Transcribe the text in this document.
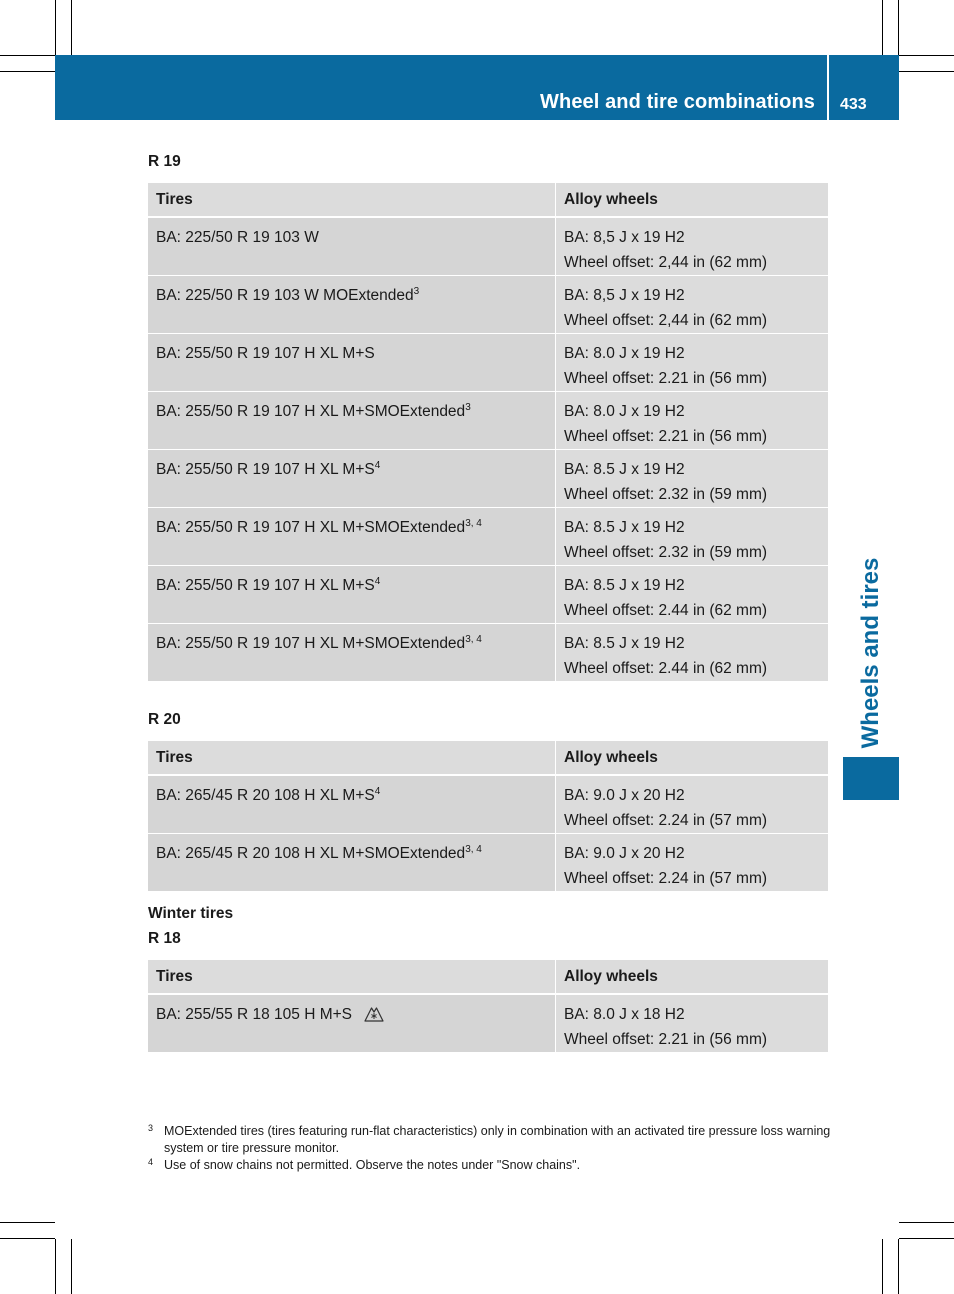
Wheel and tire combinations 433
Wheels and tires
R 19
Tires	Alloy wheels
BA: 225/50 R 19 103 W	BA: 8,5 J x 19 H2
Wheel offset: 2,44 in (62 mm)

BA: 225/50 R 19 103 W MOExtended$^3$	BA: 8,5 J x 19 H2
Wheel offset: 2,44 in (62 mm)

BA: 255/50 R 19 107 H XL M+S	BA: 8.0 J x 19 H2
Wheel offset: 2.21 in (56 mm)

BA: 255/50 R 19 107 H XL M+SMOExtended$^3$	BA: 8.0 J x 19 H2
Wheel offset: 2.21 in (56 mm)

BA: 255/50 R 19 107 H XL $M+S^4$	BA: 8.5 J x 19 H2
Wheel offset: 2.32 in (59 mm)

BA: 255/50 R 19 107 H XL M+SMOExtended$^{3, 4}$	BA: 8.5 J x 19 H2
Wheel offset: 2.32 in (59 mm)

BA: 255/50 R 19 107 H XL $M+S^4$	BA: 8.5 J x 19 H2
Wheel offset: 2.44 in (62 mm)

BA: 255/50 R 19 107 H XL M+SMOExtended$^{3, 4}$	BA: 8.5 J x 19 H2
Wheel offset: 2.44 in (62 mm)
R 20
Tires	Alloy wheels
BA: 265/45 R 20 108 H XL $M+S^4$	BA: 9.0 J x 20 H2
Wheel offset: 2.24 in (57 mm)

BA: 265/45 R 20 108 H XL M+SMOExtended$^{3, 4}$	BA: 9.0 J x 20 H2
Wheel offset: 2.24 in (57 mm)
Winter tires
R 18
Tires	Alloy wheels
BA: 255/55 R 18 105 H M+S	BA: 8.0 J x 18 H2
Wheel offset: 2.21 in (56 mm)
3 MOExtended tires (tires featuring run-flat characteristics) only in combination with an activated tire pressure loss warning system or tire pressure monitor.
4 Use of snow chains not permitted. Observe the notes under "Snow chains".
